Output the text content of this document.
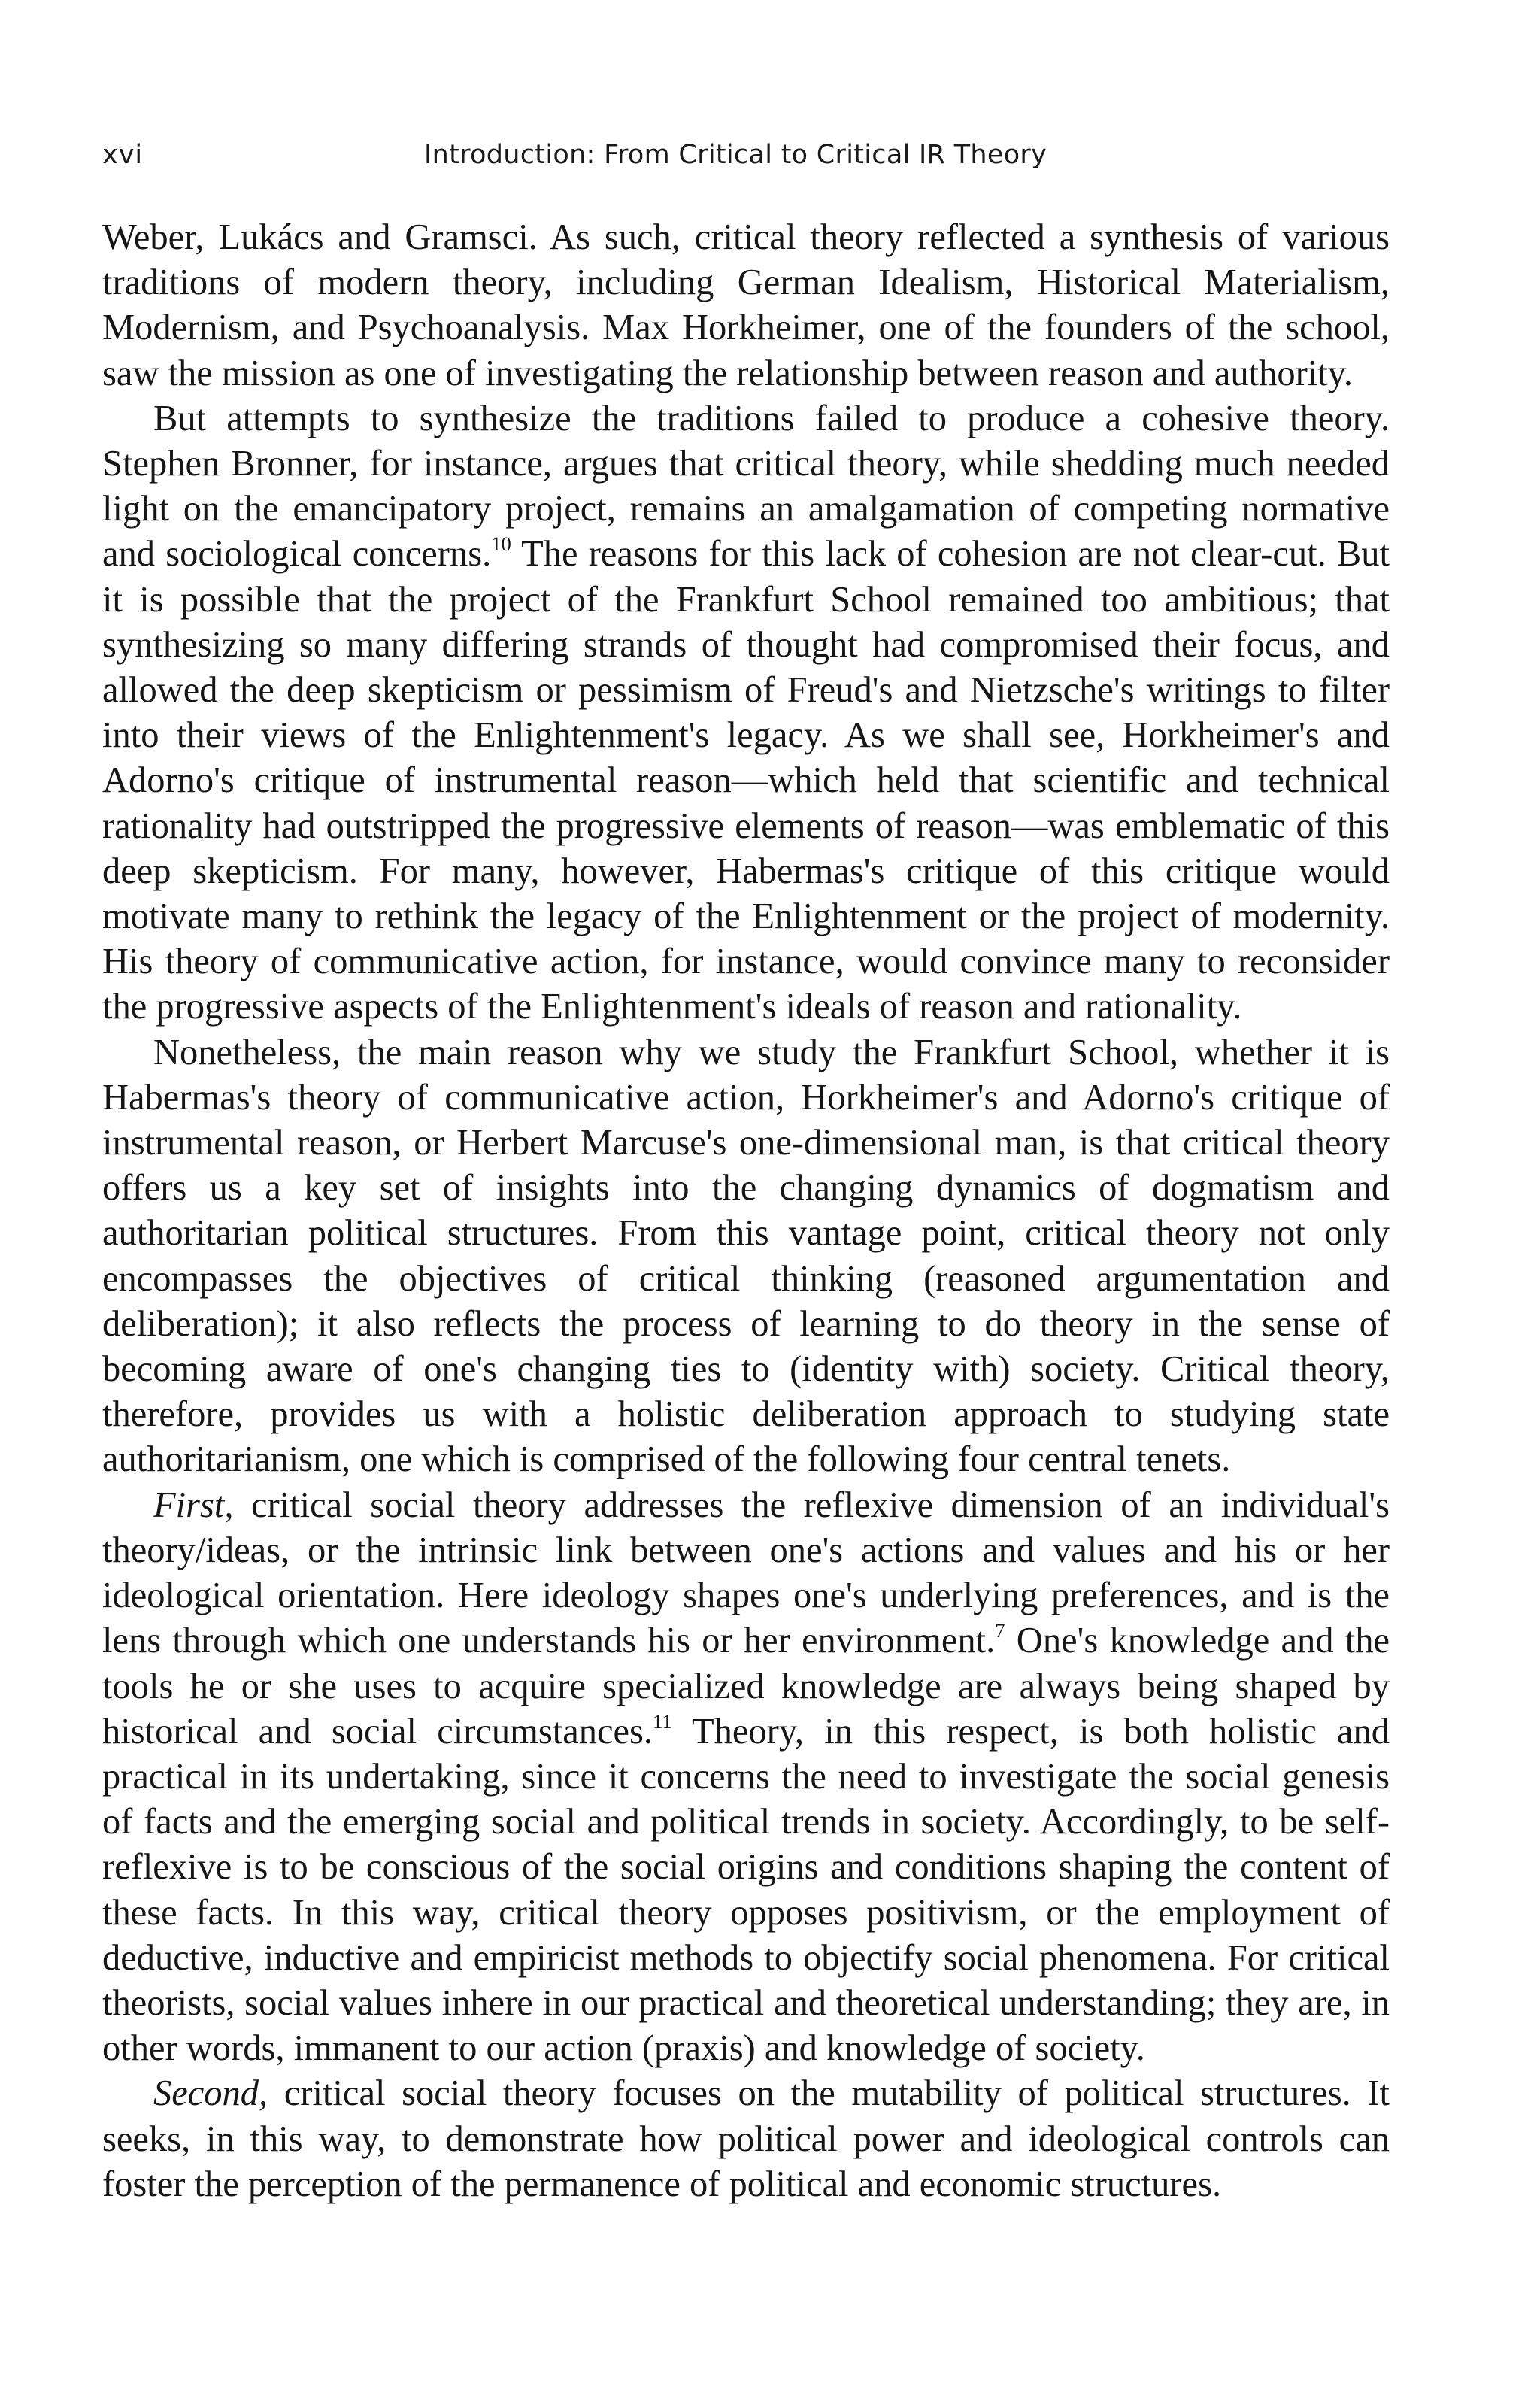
xvi	Introduction: From Critical to Critical IR Theory

Weber, Lukács and Gramsci. As such, critical theory reflected a synthesis of various traditions of modern theory, including German Idealism, Historical Materialism, Modernism, and Psychoanalysis. Max Horkheimer, one of the founders of the school, saw the mission as one of investigating the relationship between reason and authority.

But attempts to synthesize the traditions failed to produce a cohesive theory. Stephen Bronner, for instance, argues that critical theory, while shedding much needed light on the emancipatory project, remains an amalgamation of competing normative and sociological concerns.$^{10}$ The reasons for this lack of cohesion are not clear-cut. But it is possible that the project of the Frankfurt School remained too ambitious; that synthesizing so many differing strands of thought had compromised their focus, and allowed the deep skepticism or pessimism of Freud's and Nietzsche's writings to filter into their views of the Enlightenment's legacy. As we shall see, Horkheimer's and Adorno's critique of instrumental reason—which held that scientific and technical rationality had outstripped the progressive elements of reason—was emblematic of this deep skepticism. For many, however, Habermas's critique of this critique would motivate many to rethink the legacy of the Enlightenment or the project of modernity. His theory of communicative action, for instance, would convince many to reconsider the progressive aspects of the Enlightenment's ideals of reason and rationality.

Nonetheless, the main reason why we study the Frankfurt School, whether it is Habermas's theory of communicative action, Horkheimer's and Adorno's critique of instrumental reason, or Herbert Marcuse's one-dimensional man, is that critical theory offers us a key set of insights into the changing dynamics of dogmatism and authoritarian political structures. From this vantage point, critical theory not only encompasses the objectives of critical thinking (reasoned argumentation and deliberation); it also reflects the process of learning to do theory in the sense of becoming aware of one's changing ties to (identity with) society. Critical theory, therefore, provides us with a holistic deliberation approach to studying state authoritarianism, one which is comprised of the following four central tenets.

First, critical social theory addresses the reflexive dimension of an individual's theory/ideas, or the intrinsic link between one's actions and values and his or her ideological orientation. Here ideology shapes one's underlying preferences, and is the lens through which one understands his or her environment.$^7$ One's knowledge and the tools he or she uses to acquire specialized knowledge are always being shaped by historical and social circumstances.$^{11}$ Theory, in this respect, is both holistic and practical in its undertaking, since it concerns the need to investigate the social genesis of facts and the emerging social and political trends in society. Accordingly, to be self-reflexive is to be conscious of the social origins and conditions shaping the content of these facts. In this way, critical theory opposes positivism, or the employment of deductive, inductive and empiricist methods to objectify social phenomena. For critical theorists, social values inhere in our practical and theoretical understanding; they are, in other words, immanent to our action (praxis) and knowledge of society.

Second, critical social theory focuses on the mutability of political structures. It seeks, in this way, to demonstrate how political power and ideological controls can foster the perception of the permanence of political and economic structures.
